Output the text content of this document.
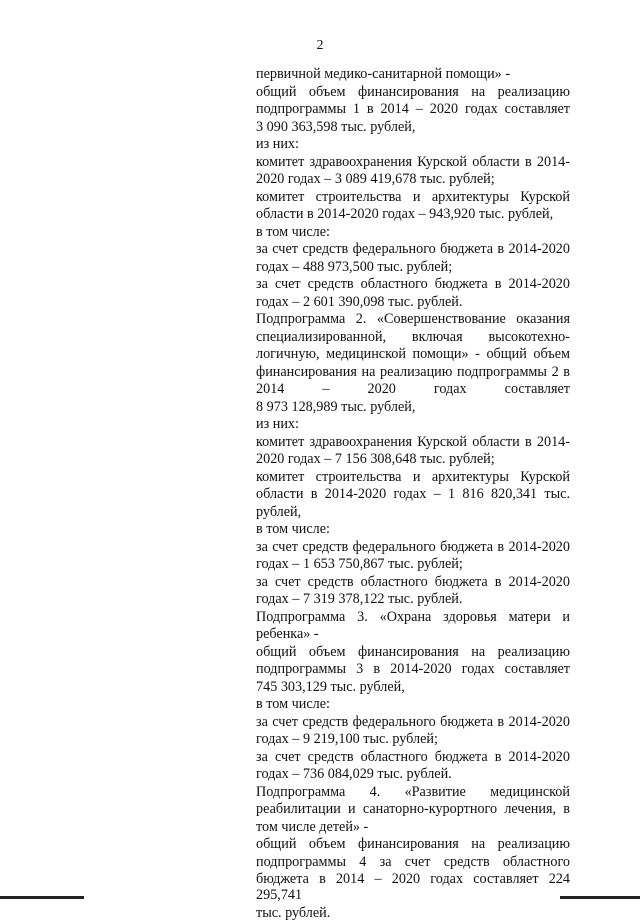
2
первичной медико-санитарной помощи» -
общий объем финансирования на реализацию
подпрограммы 1 в 2014 – 2020 годах составляет
3 090 363,598 тыс. рублей,
из них:
комитет здравоохранения Курской области в 2014-
2020 годах – 3 089 419,678 тыс. рублей;
комитет строительства и архитектуры Курской
области в 2014-2020 годах – 943,920 тыс. рублей,
в том числе:
за счет средств федерального бюджета в 2014-2020
годах – 488 973,500 тыс. рублей;
за счет средств областного бюджета в 2014-2020
годах – 2 601 390,098 тыс. рублей.
Подпрограмма 2. «Совершенствование оказания
специализированной, включая высокотехно-
логичную, медицинской помощи» - общий объем
финансирования на реализацию подпрограммы 2 в
2014 – 2020 годах составляет
8 973 128,989 тыс. рублей,
из них:
комитет здравоохранения Курской области в 2014-
2020 годах – 7 156 308,648 тыс. рублей;
комитет строительства и архитектуры Курской
области в 2014-2020 годах – 1 816 820,341 тыс.
рублей,
в том числе:
за счет средств федерального бюджета в 2014-2020
годах – 1 653 750,867 тыс. рублей;
за счет средств областного бюджета в 2014-2020
годах – 7 319 378,122 тыс. рублей.
Подпрограмма 3. «Охрана здоровья матери и
ребенка» -
общий объем финансирования на реализацию
подпрограммы 3 в 2014-2020 годах составляет
745 303,129 тыс. рублей,
в том числе:
за счет средств федерального бюджета в 2014-2020
годах – 9 219,100 тыс. рублей;
за счет средств областного бюджета в 2014-2020
годах – 736 084,029 тыс. рублей.
Подпрограмма 4. «Развитие медицинской
реабилитации и санаторно-курортного лечения, в
том числе детей» -
общий объем финансирования на реализацию
подпрограммы 4 за счет средств областного
бюджета в 2014 – 2020 годах составляет 224 295,741
тыс. рублей.
